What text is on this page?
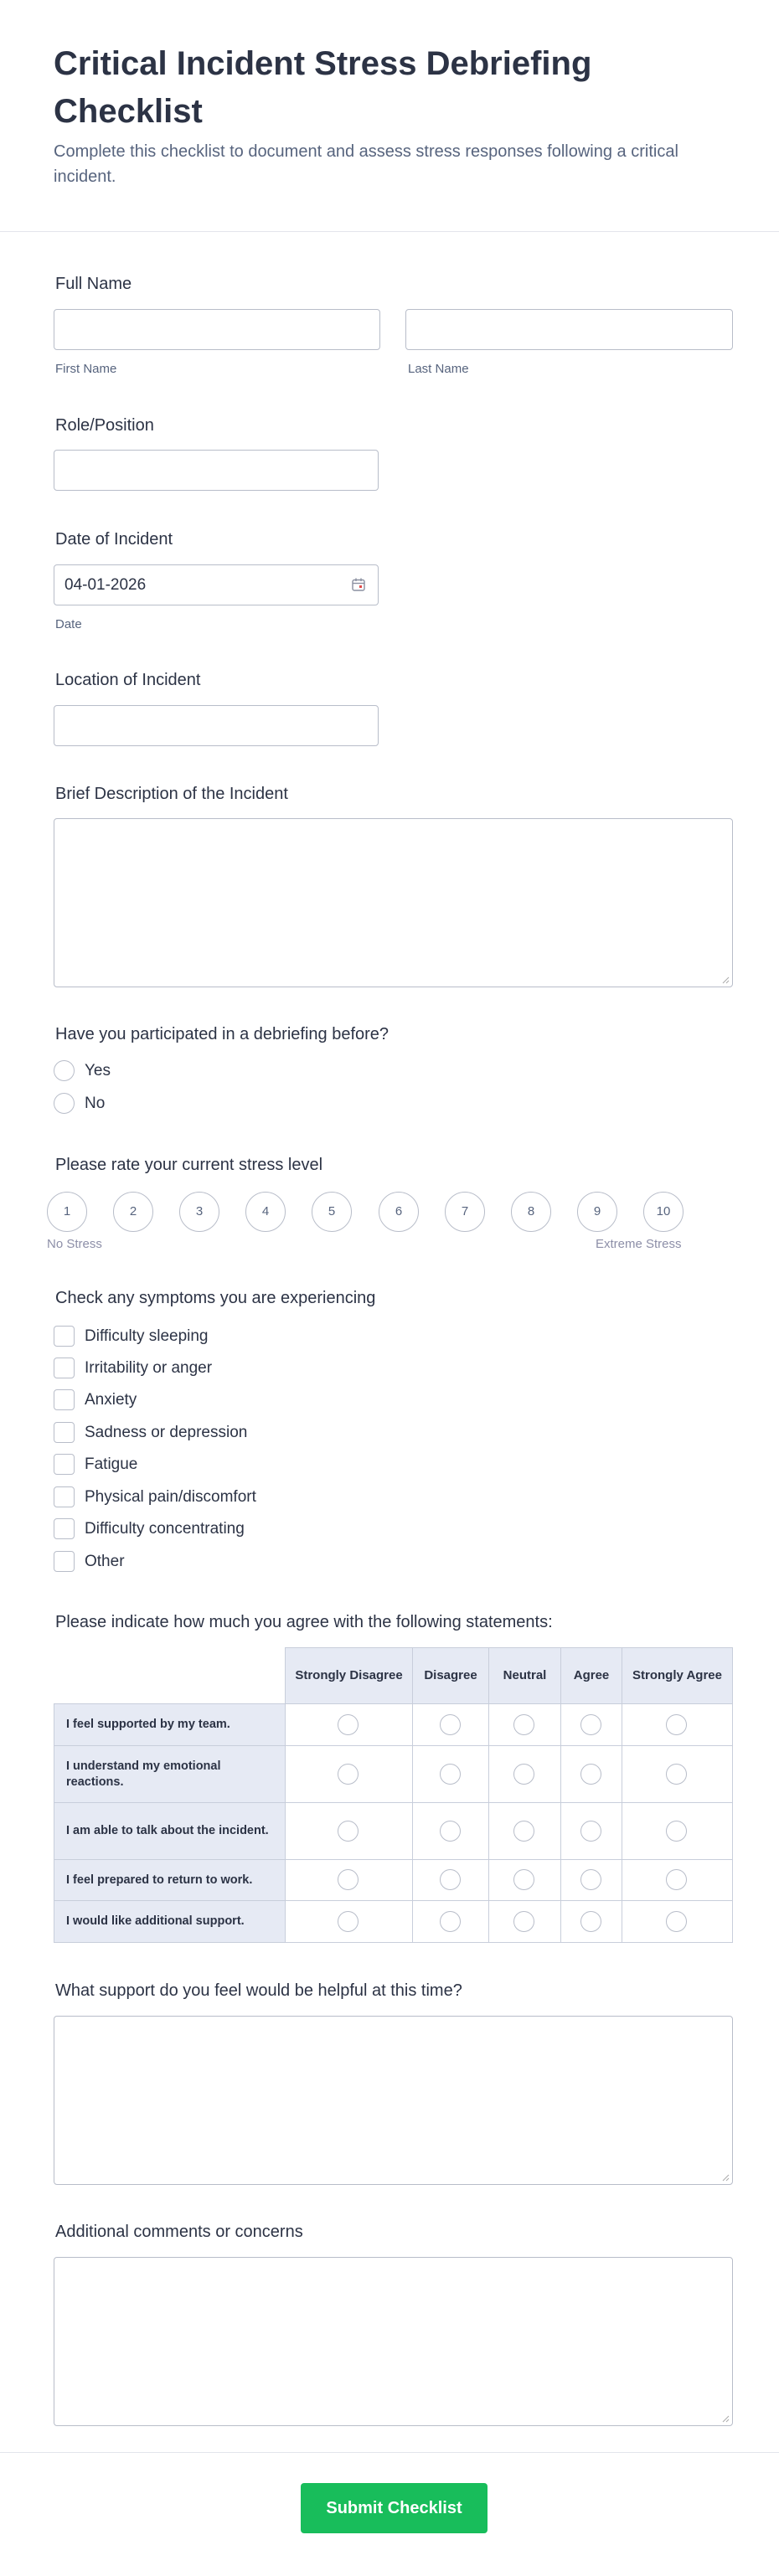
Critical Incident Stress Debriefing Checklist
Complete this checklist to document and assess stress responses following a critical incident.
Full Name
First Name	Last Name
Role/Position
Date of Incident
04-01-2026
Date
Location of Incident
Brief Description of the Incident
Have you participated in a debriefing before?
Yes
No
Please rate your current stress level
1	2	3	4	5	6	7	8	9	10
No Stress	Extreme Stress
Check any symptoms you are experiencing
Difficulty sleeping
Irritability or anger
Anxiety
Sadness or depression
Fatigue
Physical pain/discomfort
Difficulty concentrating
Other
Please indicate how much you agree with the following statements:
Strongly Disagree	Disagree	Neutral	Agree	Strongly Agree
I feel supported by my team.
I understand my emotional reactions.
I am able to talk about the incident.
I feel prepared to return to work.
I would like additional support.
What support do you feel would be helpful at this time?
Additional comments or concerns
Submit Checklist
